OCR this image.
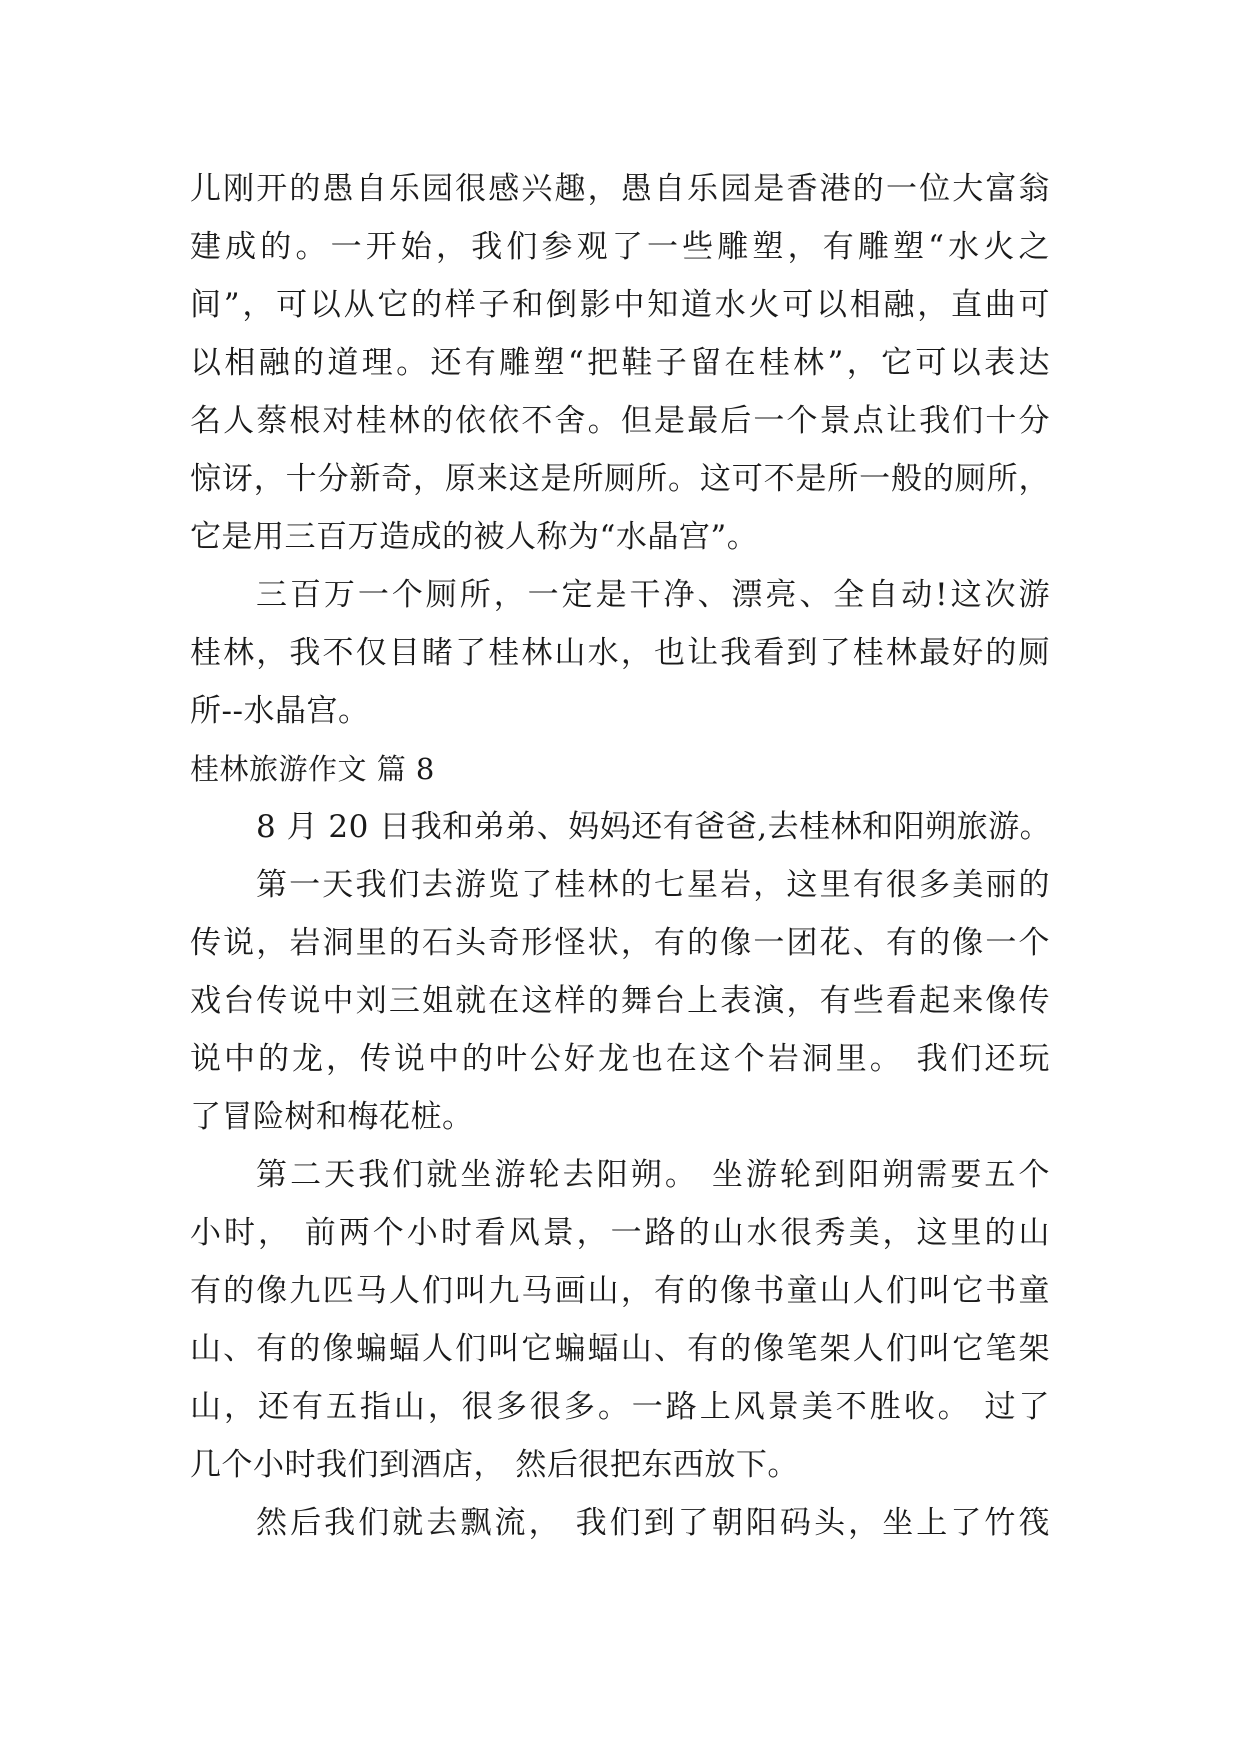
儿刚开的愚自乐园很感兴趣，愚自乐园是香港的一位大富翁
建成的。一开始，我们参观了一些雕塑，有雕塑“水火之
间”，可以从它的样子和倒影中知道水火可以相融，直曲可
以相融的道理。还有雕塑“把鞋子留在桂林”，它可以表达
名人蔡根对桂林的依依不舍。但是最后一个景点让我们十分
惊讶，十分新奇，原来这是所厕所。这可不是所一般的厕所，
它是用三百万造成的被人称为“水晶宫”。
三百万一个厕所，一定是干净、漂亮、全自动!这次游
桂林，我不仅目睹了桂林山水，也让我看到了桂林最好的厕
所--水晶宫。
桂林旅游作文 篇 8
8 月 20 日我和弟弟、妈妈还有爸爸,去桂林和阳朔旅游。
第一天我们去游览了桂林的七星岩，这里有很多美丽的
传说，岩洞里的石头奇形怪状，有的像一团花、有的像一个
戏台传说中刘三姐就在这样的舞台上表演，有些看起来像传
说中的龙，传说中的叶公好龙也在这个岩洞里。 我们还玩
了冒险树和梅花桩。
第二天我们就坐游轮去阳朔。 坐游轮到阳朔需要五个
小时， 前两个小时看风景，一路的山水很秀美，这里的山
有的像九匹马人们叫九马画山，有的像书童山人们叫它书童
山、有的像蝙蝠人们叫它蝙蝠山、有的像笔架人们叫它笔架
山，还有五指山，很多很多。一路上风景美不胜收。 过了
几个小时我们到酒店， 然后很把东西放下。
然后我们就去飘流， 我们到了朝阳码头，坐上了竹筏
